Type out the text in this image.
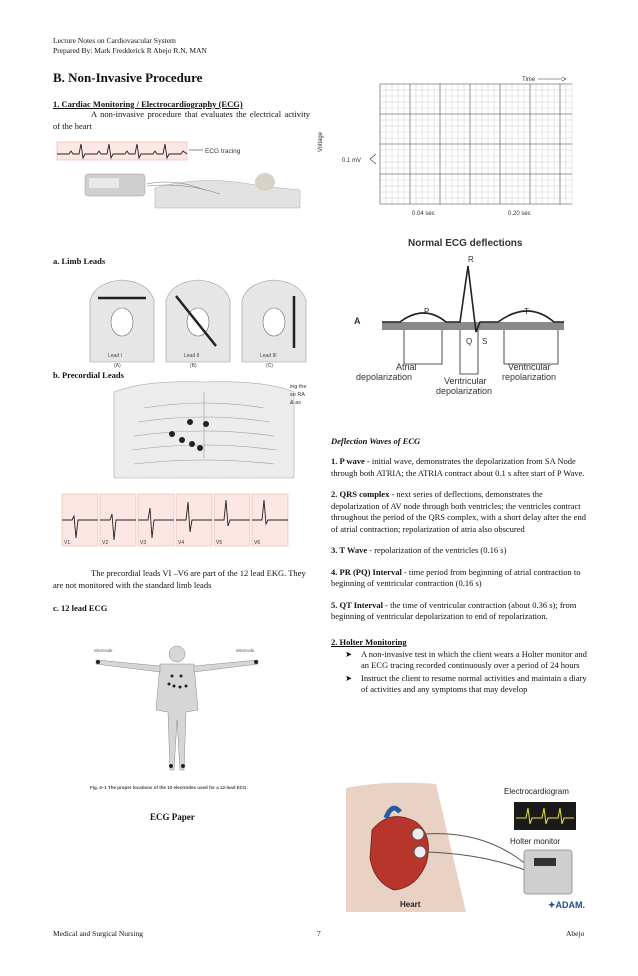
Lecture Notes on Cardiovascular System
Prepared By: Mark Fredderick R Abejo R.N, MAN
B. Non-Invasive Procedure
1. Cardiac Monitoring / Electrocardiography (ECG)
A non-invasive procedure that evaluates the electrical activity of the heart
ECG tracing
a. Limb Leads
Lead I
(A)
Lead II
(B)
Lead III
(C)
b. Precordial Leads
ing the
so RA
& as
V1	V2	V3	V4	V5	V6
The precordial leads VI –V6 are part of the 12 lead EKG. They are not monitored with the standard limb leads
c. 12 lead ECG
electrode	electrode
Fig. 4–1 The proper locations of the 10 electrodes used for a 12-lead ECG.
ECG Paper
Time
Voltage
0.1 mV
0.04 sec	0.20 sec
Normal ECG deflections
R
P	T
A
Q S
Atrial
depolarization
Ventricular
repolarization
Ventricular
depolarization
Deflection Waves of ECG
1. P wave - initial wave, demonstrates the depolarization from SA Node through both ATRIA; the ATRIA contract about 0.1 s after start of P Wave.
2. QRS complex - next series of deflections, demonstrates the depolarization of AV node through both ventricles; the ventricles contract throughout the period of the QRS complex, with a short delay after the end of atrial contraction; repolarization of atria also obscured
3. T Wave - repolarization of the ventricles (0.16 s)
4. PR (PQ) Interval - time period from beginning of atrial contraction to beginning of ventricular contraction (0.16 s)
5. QT Interval - the time of ventricular contraction (about 0.36 s); from beginning of ventricular depolarization to end of repolarization.
2. Holter Monitoring
➤ A non-invasive test in which the client wears a Holter monitor and an ECG tracing recorded continuously over a period of 24 hours
➤ Instruct the client to resume normal activities and maintain a diary of activities and any symptoms that may develop
Electrocardiogram
Holter monitor
Heart	✦ADAM.
Medical and Surgical Nursing	7	Abejo
